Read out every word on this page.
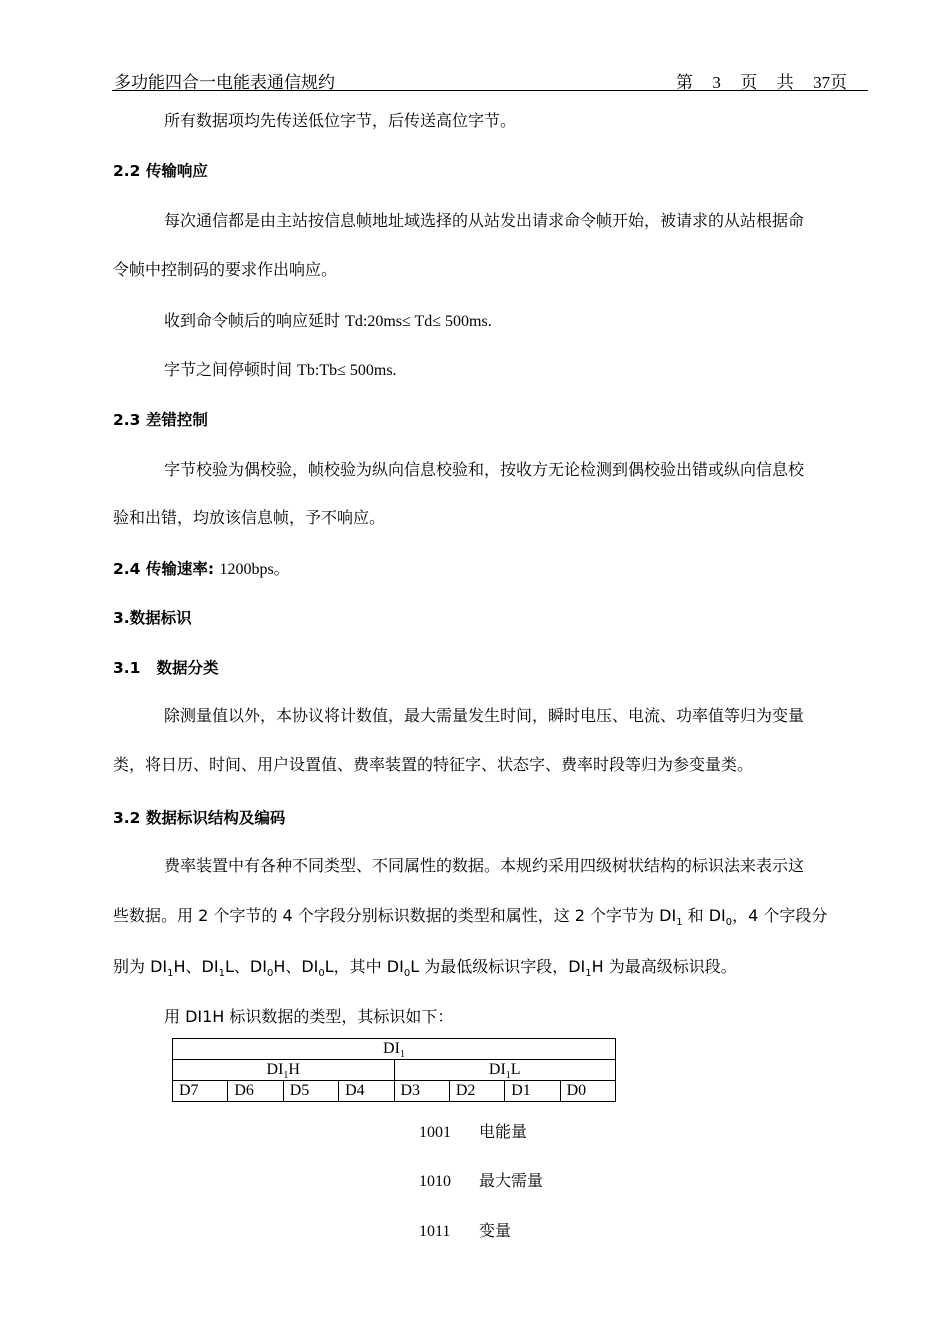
多功能四合一电能表通信规约	第 3 页 共 37页
所有数据项均先传送低位字节，后传送高位字节。
2.2 传输响应
每次通信都是由主站按信息帧地址域选择的从站发出请求命令帧开始，被请求的从站根据命
令帧中控制码的要求作出响应。
收到命令帧后的响应延时 Td:20ms≤ Td≤ 500ms.
字节之间停顿时间 Tb:Tb≤ 500ms.
2.3 差错控制
字节校验为偶校验，帧校验为纵向信息校验和，按收方无论检测到偶校验出错或纵向信息校
验和出错，均放该信息帧，予不响应。
2.4 传输速率: 1200bps。
3.数据标识
3.1 数据分类
除测量值以外，本协议将计数值，最大需量发生时间，瞬时电压、电流、功率值等归为变量
类，将日历、时间、用户设置值、费率装置的特征字、状态字、费率时段等归为参变量类。
3.2 数据标识结构及编码
费率装置中有各种不同类型、不同属性的数据。本规约采用四级树状结构的标识法来表示这
些数据。用 2 个字节的 4 个字段分别标识数据的类型和属性，这 2 个字节为 $DI_1$ 和 $DI_0$，4 个字段分
别为 $DI_1H$、$DI_1L$、$DI_0H$、$DI_0L$，其中 $DI_0L$ 为最低级标识字段，$DI_1H$ 为最高级标识段。
用 DI1H 标识数据的类型，其标识如下：
$DI_1$
$DI_1H$				$DI_1L$			
D7	D6	D5	D4	D3	D2	D1	D0
1001 电能量
1010 最大需量
1011 变量
